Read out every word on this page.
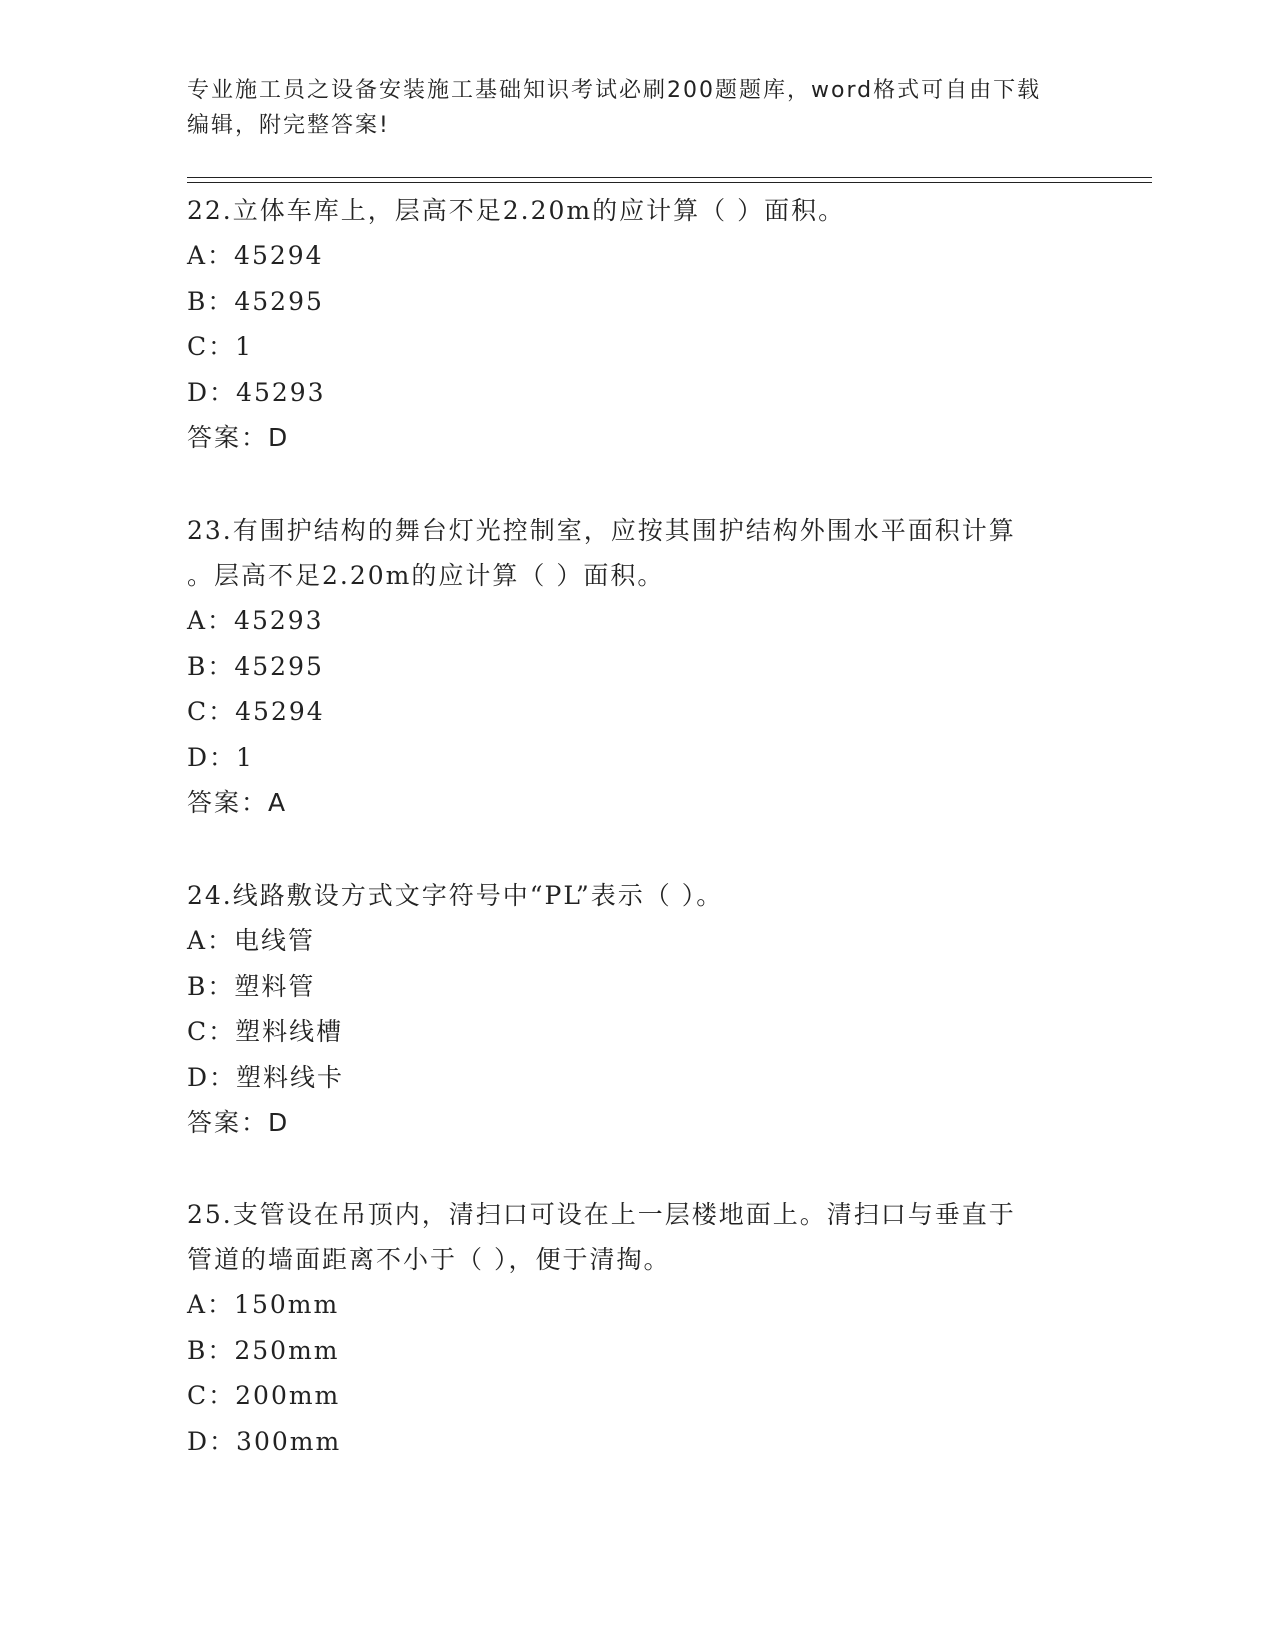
专业施工员之设备安装施工基础知识考试必刷200题题库，word格式可自由下载
编辑，附完整答案!

22.立体车库上，层高不足2.20m的应计算（ ）面积。

A：45294

B：45295

C：1

D：45293

答案：D

23.有围护结构的舞台灯光控制室，应按其围护结构外围水平面积计算

。层高不足2.20m的应计算（ ）面积。

A：45293

B：45295

C：45294

D：1

答案：A

24.线路敷设方式文字符号中“PL”表示（ ）。

A：电线管

B：塑料管

C：塑料线槽

D：塑料线卡

答案：D

25.支管设在吊顶内，清扫口可设在上一层楼地面上。清扫口与垂直于

管道的墙面距离不小于（ ），便于清掏。

A：150mm

B：250mm

C：200mm

D：300mm
